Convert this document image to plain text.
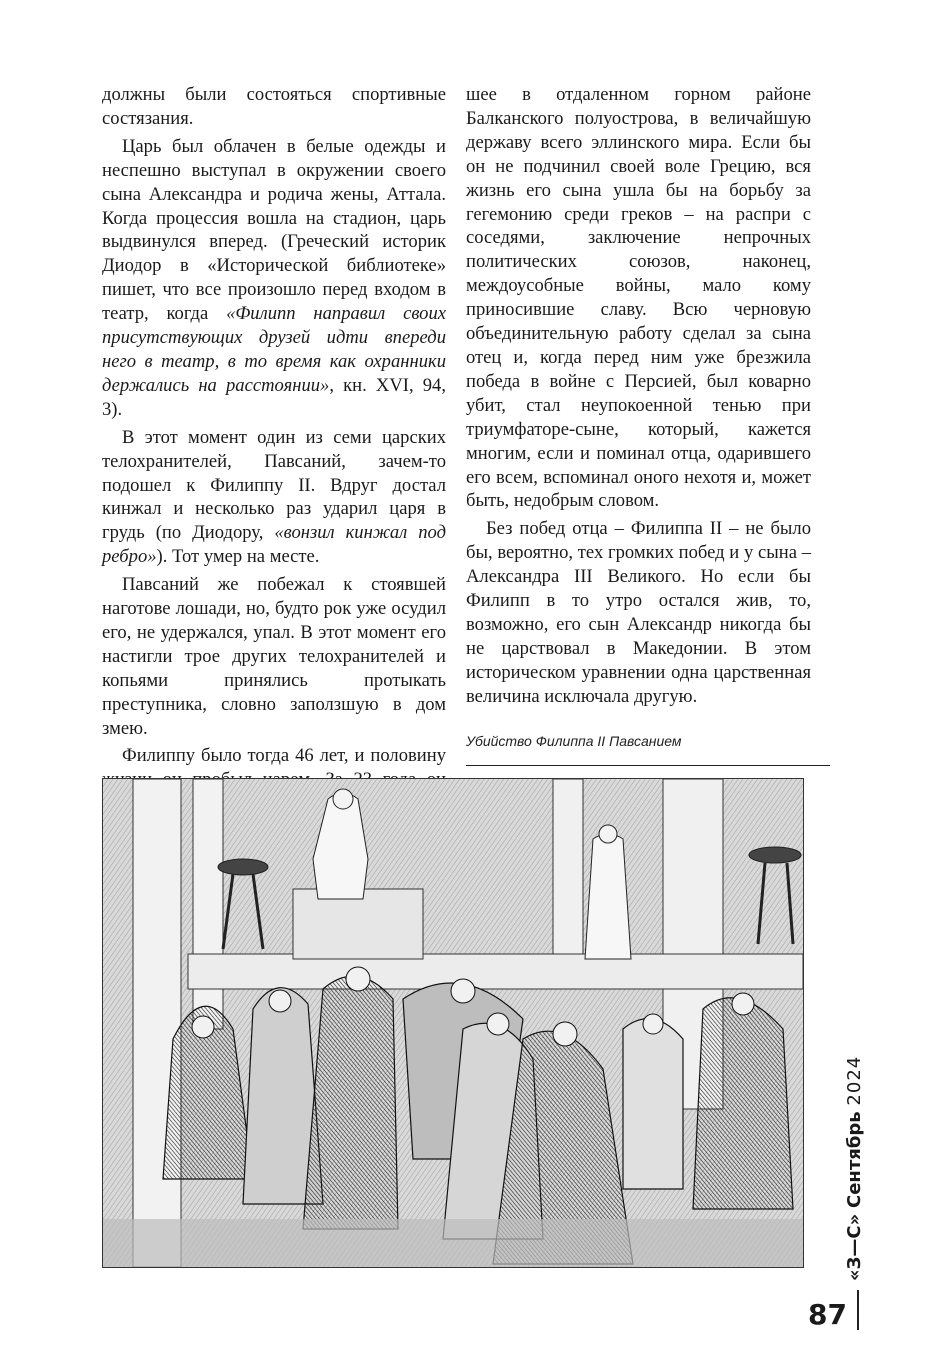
должны были состояться спортивные состязания.

Царь был облачен в белые одежды и неспешно выступал в окружении своего сына Александра и родича жены, Аттала. Когда процессия вошла на стадион, царь выдвинулся вперед. (Греческий историк Диодор в «Исторической библиотеке» пишет, что все произошло перед входом в театр, когда «Филипп направил своих присутствующих друзей идти впереди него в театр, в то время как охранники держались на расстоянии», кн. XVI, 94, 3).

В этот момент один из семи царских телохранителей, Павсаний, зачем-то подошел к Филиппу II. Вдруг достал кинжал и несколько раз ударил царя в грудь (по Диодору, «вонзил кинжал под ребро»). Тот умер на месте.

Павсаний же побежал к стоявшей наготове лошади, но, будто рок уже осудил его, не удержался, упал. В этот момент его настигли трое других телохранителей и копьями принялись протыкать преступника, словно заползшую в дом змею.

Филиппу было тогда 46 лет, и половину

шее в отдаленном горном районе Балканского полуострова, в величайшую державу всего эллинского мира. Если бы он не подчинил своей воле Грецию, вся жизнь его сына ушла бы на борьбу за гегемонию среди греков – на распри с соседями, заключение непрочных политических союзов, наконец, междоусобные войны, мало кому приносившие славу. Всю черновую объединительную работу сделал за сына отец и, когда перед ним уже брезжила победа в войне с Персией, был коварно убит, стал неупокоенной тенью при триумфаторе-сыне, который, кажется многим, если и поминал отца, одарившего его всем, вспоминал оного нехотя и, может быть, недобрым словом.

Без побед отца – Филиппа II – не было бы, вероятно, тех громких побед и у сына – Александра III Великого. Но если бы Филипп в то утро остался жив, то, возможно, его сын Александр никогда бы не царствовал в Македонии. В этом историческом уравнении одна царственная величина исключала другую.

Убийство Филиппа II Павсанием
«З—С» Сентябрь 2024
87
